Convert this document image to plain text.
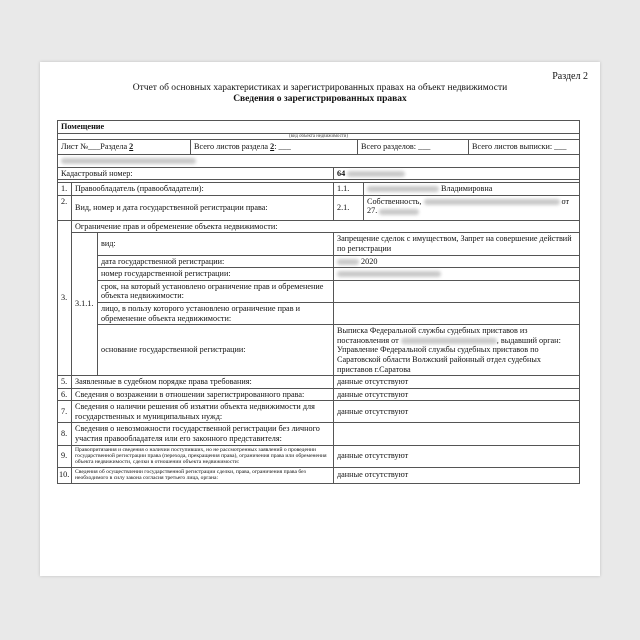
Раздел 2
Отчет об основных характеристиках и зарегистрированных правах на объект недвижимости
Сведения о зарегистрированных правах
Помещение
(вид объекта недвижимости)

Лист №___Раздела 2	Всего листов раздела 2: ___	Всего разделов: ___	Всего листов выписки: ___

Кадастровый номер:	64

1.	Правообладатель (правообладатели):	1.1.	Владимировна
2.	Вид, номер и дата государственной регистрации права:	2.1.	Собственность,	от
27.
3.	Ограничение прав и обременение объекта недвижимости:
3.1.1.	вид:	Запрещение сделок с имуществом, Запрет на совершение действий по регистрации
дата государственной регистрации:	2020
номер государственной регистрации:	
срок, на который установлено ограничение прав и обременение объекта недвижимости:	
лицо, в пользу которого установлено ограничение прав и обременение объекта недвижимости:	
основание государственной регистрации:	Выписка Федеральной службы судебных приставов из постановления от	, выдавший орган: Управление Федеральной службы судебных приставов по Саратовской области Волжский районный отдел судебных приставов г.Саратова
5.	Заявленные в судебном порядке права требования:	данные отсутствуют
6.	Сведения о возражении в отношении зарегистрированного права:	данные отсутствуют
7.	Сведения о наличии решения об изъятии объекта недвижимости для государственных и муниципальных нужд:	данные отсутствуют
8.	Сведения о невозможности государственной регистрации без личного участия правообладателя или его законного представителя:	
9.	Правопритязания и сведения о наличии поступивших, но не рассмотренных заявлений о проведении государственной регистрации права (перехода, прекращения права), ограничения права или обременения объекта недвижимости, сделки в отношении объекта недвижимости:	данные отсутствуют
10.	Сведения об осуществлении государственной регистрации сделки, права, ограничения права без необходимого в силу закона согласия третьего лица, органа:	данные отсутствуют
